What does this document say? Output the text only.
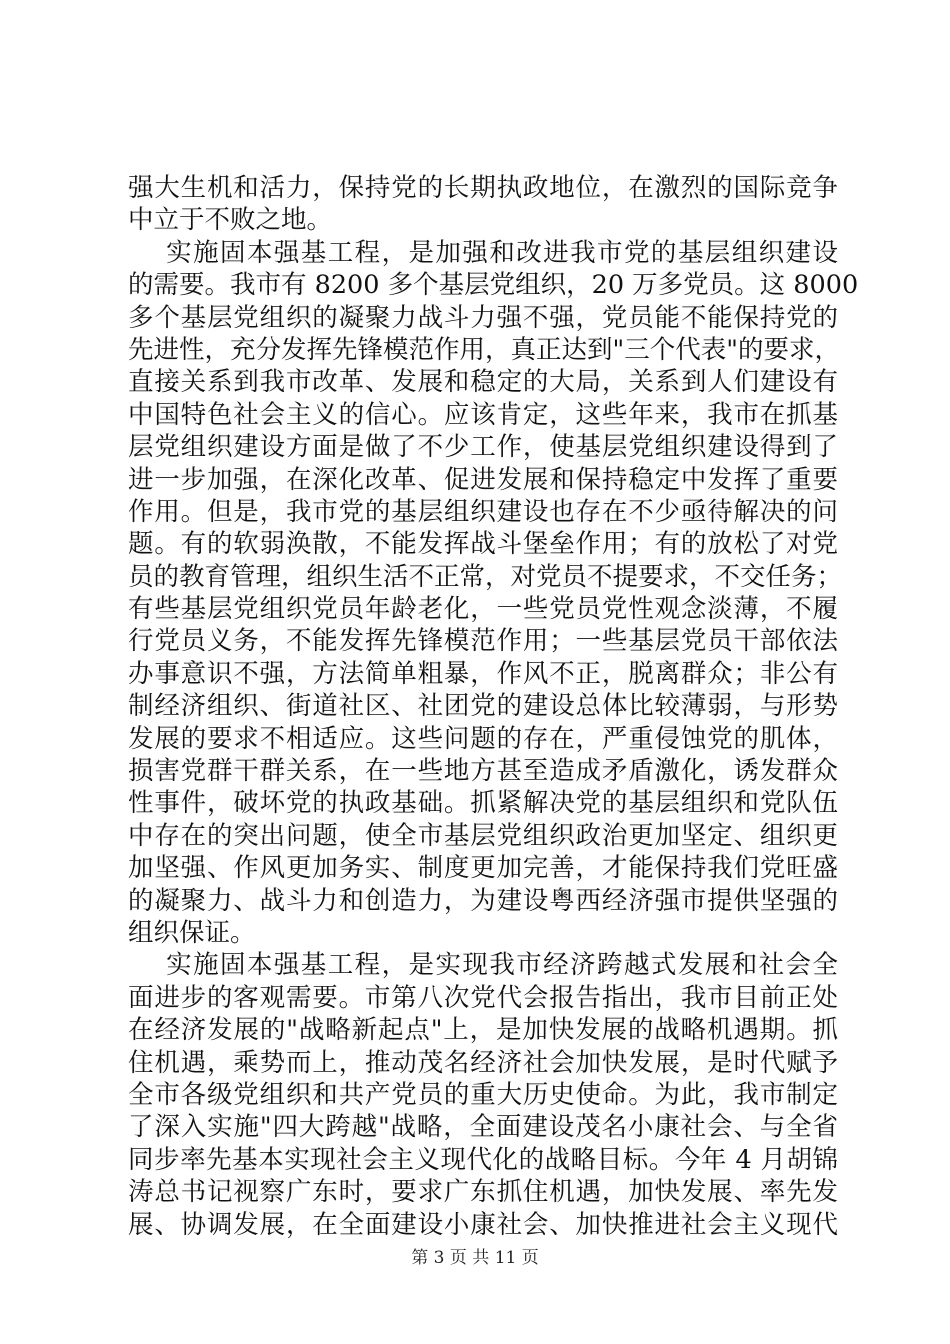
强大生机和活力，保持党的长期执政地位，在激烈的国际竞争
中立于不败之地。
实施固本强基工程，是加强和改进我市党的基层组织建设
的需要。我市有 8200 多个基层党组织，20 万多党员。这 8000
多个基层党组织的凝聚力战斗力强不强，党员能不能保持党的
先进性，充分发挥先锋模范作用，真正达到"三个代表"的要求，
直接关系到我市改革、发展和稳定的大局，关系到人们建设有
中国特色社会主义的信心。应该肯定，这些年来，我市在抓基
层党组织建设方面是做了不少工作，使基层党组织建设得到了
进一步加强，在深化改革、促进发展和保持稳定中发挥了重要
作用。但是，我市党的基层组织建设也存在不少亟待解决的问
题。有的软弱涣散，不能发挥战斗堡垒作用；有的放松了对党
员的教育管理，组织生活不正常，对党员不提要求，不交任务；
有些基层党组织党员年龄老化，一些党员党性观念淡薄，不履
行党员义务，不能发挥先锋模范作用；一些基层党员干部依法
办事意识不强，方法简单粗暴，作风不正，脱离群众；非公有
制经济组织、街道社区、社团党的建设总体比较薄弱，与形势
发展的要求不相适应。这些问题的存在，严重侵蚀党的肌体，
损害党群干群关系，在一些地方甚至造成矛盾激化，诱发群众
性事件，破坏党的执政基础。抓紧解决党的基层组织和党队伍
中存在的突出问题，使全市基层党组织政治更加坚定、组织更
加坚强、作风更加务实、制度更加完善，才能保持我们党旺盛
的凝聚力、战斗力和创造力，为建设粤西经济强市提供坚强的
组织保证。
实施固本强基工程，是实现我市经济跨越式发展和社会全
面进步的客观需要。市第八次党代会报告指出，我市目前正处
在经济发展的"战略新起点"上，是加快发展的战略机遇期。抓
住机遇，乘势而上，推动茂名经济社会加快发展，是时代赋予
全市各级党组织和共产党员的重大历史使命。为此，我市制定
了深入实施"四大跨越"战略，全面建设茂名小康社会、与全省
同步率先基本实现社会主义现代化的战略目标。今年 4 月胡锦
涛总书记视察广东时，要求广东抓住机遇，加快发展、率先发
展、协调发展，在全面建设小康社会、加快推进社会主义现代
第 3 页 共 11 页
